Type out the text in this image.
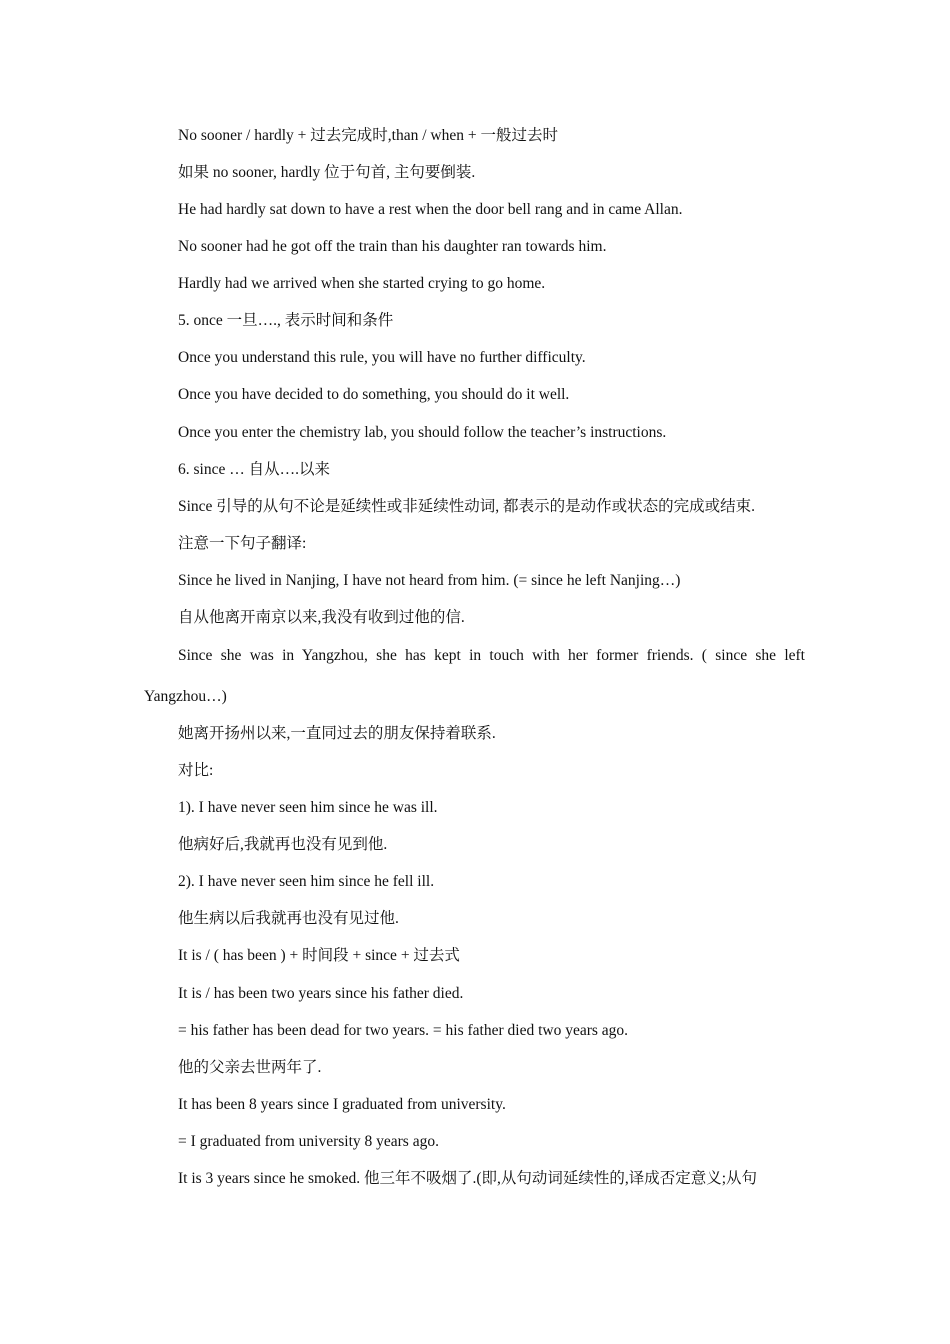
No sooner / hardly + 过去完成时,than / when + 一般过去时
如果 no sooner, hardly 位于句首, 主句要倒装.
He had hardly sat down to have a rest when the door bell rang and in came Allan.
No sooner had he got off the train than his daughter ran towards him.
Hardly had we arrived when she started crying to go home.
5. once 一旦…., 表示时间和条件
Once you understand this rule, you will have no further difficulty.
Once you have decided to do something, you should do it well.
Once you enter the chemistry lab, you should follow the teacher’s instructions.
6. since … 自从….以来
Since 引导的从句不论是延续性或非延续性动词, 都表示的是动作或状态的完成或结束.
注意一下句子翻译:
Since he lived in Nanjing, I have not heard from him. (= since he left Nanjing…)
自从他离开南京以来,我没有收到过他的信.
Since she was in Yangzhou, she has kept in touch with her former friends. ( since she left
Yangzhou…)
她离开扬州以来,一直同过去的朋友保持着联系.
对比:
1). I have never seen him since he was ill.
他病好后,我就再也没有见到他.
2). I have never seen him since he fell ill.
他生病以后我就再也没有见过他.
It is / ( has been ) + 时间段 + since + 过去式
It is / has been two years since his father died.
= his father has been dead for two years. = his father died two years ago.
他的父亲去世两年了.
It has been 8 years since I graduated from university.
= I graduated from university 8 years ago.
It is 3 years since he smoked. 他三年不吸烟了.(即,从句动词延续性的,译成否定意义;从句
